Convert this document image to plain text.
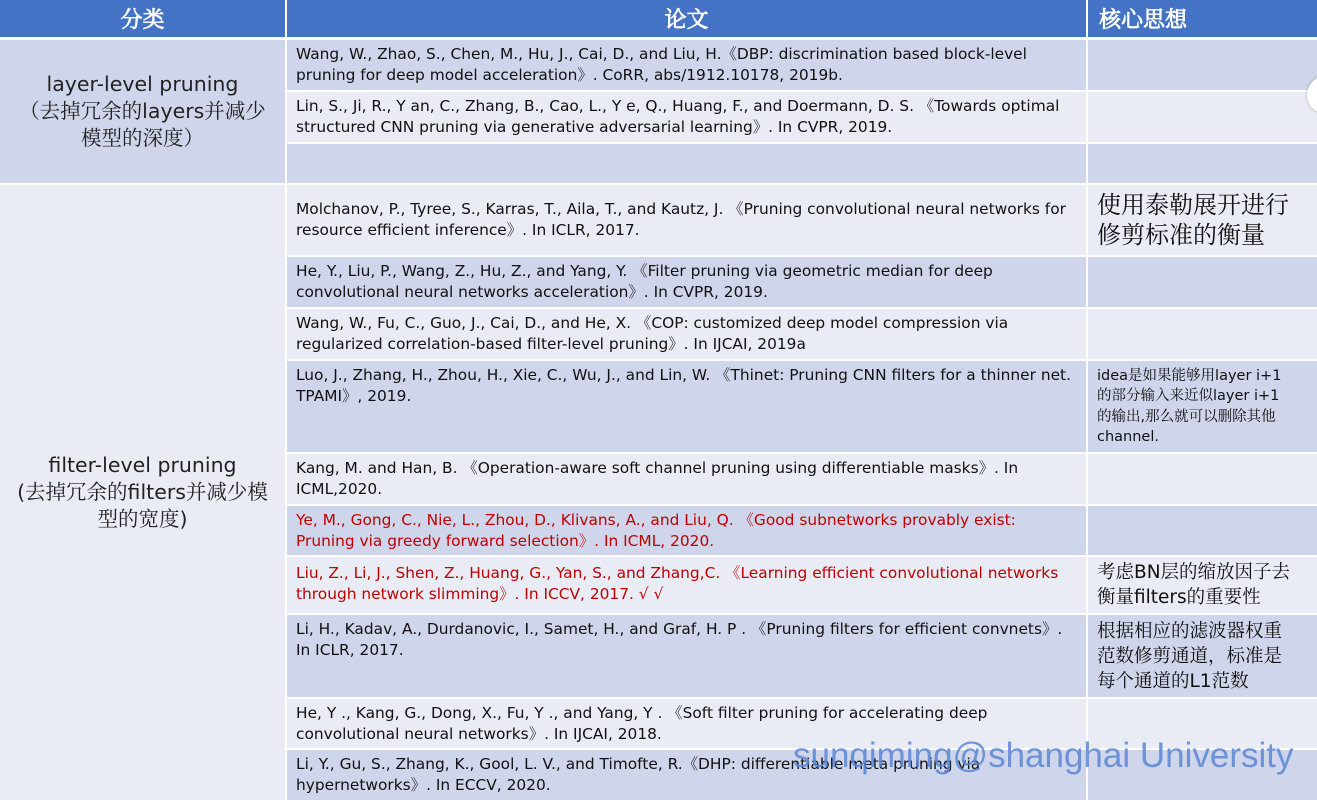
分类	论文	核心思想

layer-level pruning
（去掉冗余的layers并减少
模型的深度）	Wang, W., Zhao, S., Chen, M., Hu, J., Cai, D., and Liu, H.《DBP: discrimination based block-level
pruning for deep model acceleration》. CoRR, abs/1912.10178, 2019b.	
	Lin, S., Ji, R., Y an, C., Zhang, B., Cao, L., Y e, Q., Huang, F., and Doermann, D. S. 《Towards optimal
structured CNN pruning via generative adversarial learning》. In CVPR, 2019.	

filter-level pruning
(去掉冗余的filters并减少模
型的宽度)	Molchanov, P., Tyree, S., Karras, T., Aila, T., and Kautz, J. 《Pruning convolutional neural networks for
resource efficient inference》. In ICLR, 2017.	使用泰勒展开进行
修剪标准的衡量
	He, Y., Liu, P., Wang, Z., Hu, Z., and Yang, Y. 《Filter pruning via geometric median for deep
convolutional neural networks acceleration》. In CVPR, 2019.	
	Wang, W., Fu, C., Guo, J., Cai, D., and He, X. 《COP: customized deep model compression via
regularized correlation-based filter-level pruning》. In IJCAI, 2019a	
	Luo, J., Zhang, H., Zhou, H., Xie, C., Wu, J., and Lin, W. 《Thinet: Pruning CNN filters for a thinner net.
TPAMI》, 2019.	idea是如果能够用layer i+1
的部分输入来近似layer i+1
的输出,那么就可以删除其他
channel.
	Kang, M. and Han, B. 《Operation-aware soft channel pruning using differentiable masks》. In
ICML,2020.	
	Ye, M., Gong, C., Nie, L., Zhou, D., Klivans, A., and Liu, Q. 《Good subnetworks provably exist:
Pruning via greedy forward selection》. In ICML, 2020.	
	Liu, Z., Li, J., Shen, Z., Huang, G., Yan, S., and Zhang,C. 《Learning efficient convolutional networks
through network slimming》. In ICCV, 2017. √ √	考虑BN层的缩放因子去
衡量filters的重要性
	Li, H., Kadav, A., Durdanovic, I., Samet, H., and Graf, H. P . 《Pruning filters for efficient convnets》.
In ICLR, 2017.	根据相应的滤波器权重
范数修剪通道，标准是
每个通道的L1范数
	He, Y ., Kang, G., Dong, X., Fu, Y ., and Yang, Y . 《Soft filter pruning for accelerating deep
convolutional neural networks》. In IJCAI, 2018.	
	Li, Y., Gu, S., Zhang, K., Gool, L. V., and Timofte, R.《DHP: differentiable meta pruning via
hypernetworks》. In ECCV, 2020.	
sunqiming@shanghai University
